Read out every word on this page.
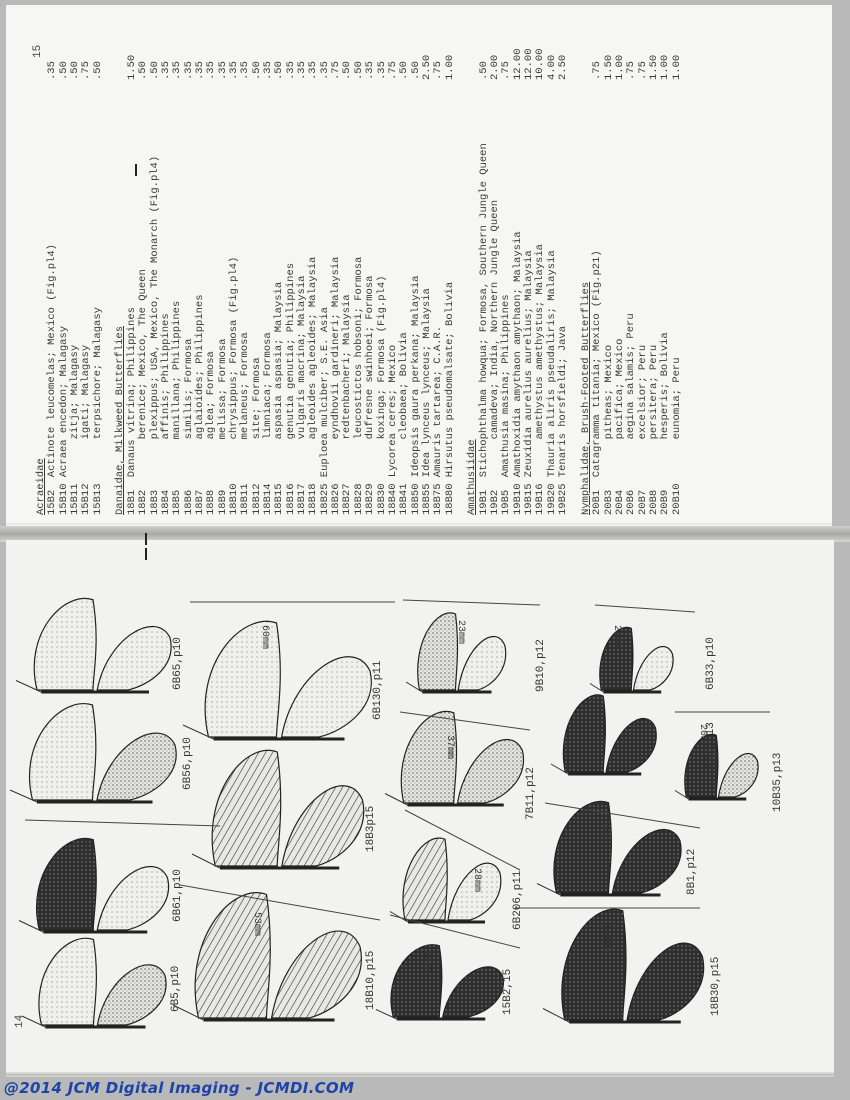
Acraeidae 15B2  Actinote leucomelas; Mexico (Fig.pl4)
.35
15B10 Acraea encedon; Malagasy
.50
15B11       zitja; Malagasy
.50
15B12       igati; Malagasy
.75
15B13       terpsichore; Malagasy
.50
Danaidae, Milkweed Butterflies 18B1  Danaus vitrina; Philippines
1.50
18B2        berenice; Mexico, The Queen
.50
18B3        plexippus; USA, Mexico, The Monarch (Fig.pl4)
.50
18B4        affinis; Philippines
.35
18B5        manillana; Philippines
.35
18B6        similis; Formosa
.35
18B7        aglaioides; Philippines
.35
18B8        aglea; Formosa
.35
18B9        melissa; Formosa
.35
18B10       chrysippus; Formosa (Fig.pl4)
.35
18B11       melaneus; Formosa
.35
18B12       site; Formosa
.50
18B14       limniaca; Formosa
.35
18B15       aspasia aspasia; Malaysia
.50
18B16       genutia genutia; Philippines
.35
18B17       vulgaris macrina; Malaysia
.35
18B18       agleoides agleoides; Malaysia
.35
18B25 Euploea mulciber; S.E. Asia
.35
18B26       eyndhovii gardineri; Malaysia
.75
18B27       redtenbacheri; Malaysia
.50
18B28       leucostictos hobsoni; Formosa
.50
18B29       dufresne swinhoei; Formosa
.35
18B30       koxinga; Formosa (Fig.pl4)
.35
18B40 Lycorea ceres; Mexico
.75
18B41       cleobaea; Bolivia
.50
18B50 Ideopsis gaura perkana; Malaysia
.50
18B55 Idea lynceus lynceus; Malaysia
2.50
18B75 Amauris tartarea; C.A.R.
.75
18B80 Hirsutus pseudomalsate; Bolivia
1.00
Amathusiidae 19B1  Stichophthalma howqua; Formosa, Southern Jungle Queen
.50
19B2        camadeva; India, Northern Jungle Queen
2.00
19B5  Amathusia masina; Philippines
.75
19B10 Amathoxidia amythaon amythaon; Malaysia
12.00
19B15 Zeuxidia aurelius aurelius; Malaysia
12.00
19B16       amethystus amethystus; Malaysia
10.00
19B20 Thauria aliris pseudaliris; Malaysia
4.00
19B25 Tenaris horsfieldi; Java
2.50
Nymphalidae, Brush-Footed Butterflies 20B1  Catagramma titania; Mexico (Fig.p21)
.75
20B3        pitheas; Mexico
1.50
20B4        pacifica; Mexico
1.00
20B6        aegina salamis; Peru
.75
20B7        excelsior; Peru
.75
20B8        persitera; Peru
1.50
20B9        hesperis; Bolivia
1.00
20B10       eunomia; Peru
1.00
15
14
@2014 JCM Digital Imaging - JCMDI.COM
6B5,p10
6B61,p10
6B56,p10
6B65,p10
18B10,p15
18B3p15
6B130,p11
15B2,15
6B206,p11
7B11,p12
9B10,p12
18B30,p15
8B1,p12
12B1,p13
10B35,p13
6B33,p10
40mm
53mm
60mm
32mm
28mm
37mm
23mm
50mm
33mm
20mm
22mm
